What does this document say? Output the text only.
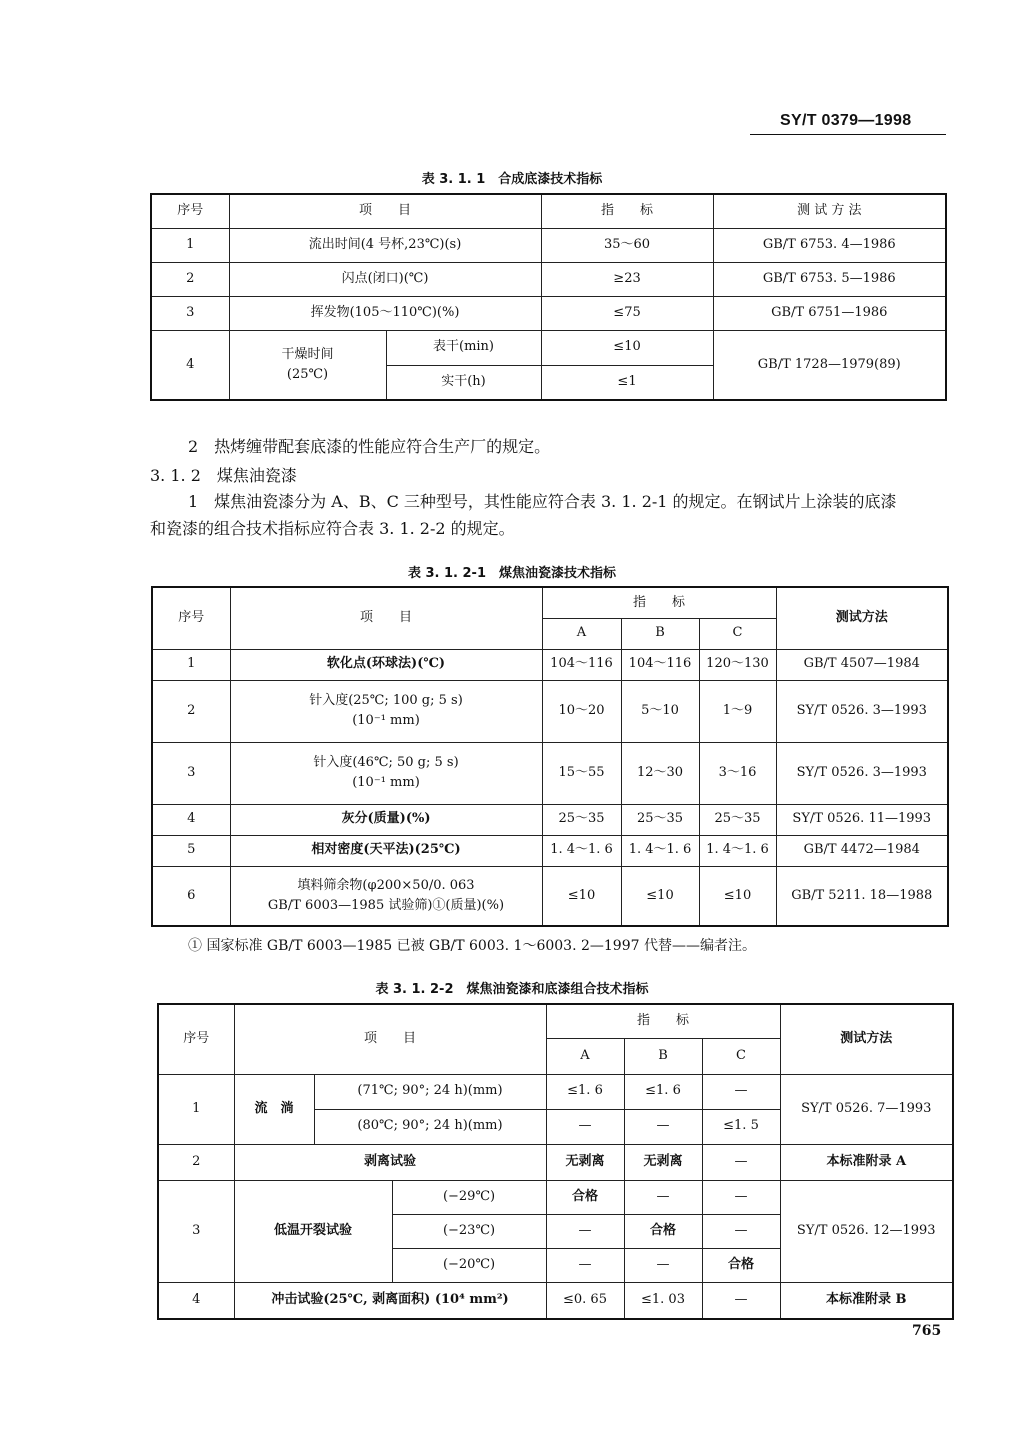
SY/T 0379—1998
表 3. 1. 1　合成底漆技术指标
序号	项　　目		指　　标	测 试 方 法
1	流出时间(4 号杯,23℃)(s)		35～60	GB/T 6753. 4—1986
2	闪点(闭口)(℃)		≥23	GB/T 6753. 5—1986
3	挥发物(105～110℃)(%)		≤75	GB/T 6751—1986
4	干燥时间
(25℃)	表干(min)	≤10	GB/T 1728—1979(89)
		实干(h)	≤1	
2　热烤缠带配套底漆的性能应符合生产厂的规定。
3. 1. 2　煤焦油瓷漆
1　煤焦油瓷漆分为 A、B、C 三种型号，其性能应符合表 3. 1. 2-1 的规定。在钢试片上涂装的底漆
和瓷漆的组合技术指标应符合表 3. 1. 2-2 的规定。
表 3. 1. 2-1　煤焦油瓷漆技术指标
序号	项　　目	指　　标			测试方法
		A	B	C	
1	软化点(环球法)(℃)	104～116	104～116	120～130	GB/T 4507—1984
2	针入度(25℃; 100 g; 5 s)
(10⁻¹ mm)	10～20	5～10	1～9	SY/T 0526. 3—1993
3	针入度(46℃; 50 g; 5 s)
(10⁻¹ mm)	15～55	12～30	3～16	SY/T 0526. 3—1993
4	灰分(质量)(%)	25～35	25～35	25～35	SY/T 0526. 11—1993
5	相对密度(天平法)(25℃)	1. 4～1. 6	1. 4～1. 6	1. 4～1. 6	GB/T 4472—1984
6	填料筛余物(φ200×50/0. 063
GB/T 6003—1985 试验筛)①(质量)(%)	≤10	≤10	≤10	GB/T 5211. 18—1988
① 国家标准 GB/T 6003—1985 已被 GB/T 6003. 1～6003. 2—1997 代替——编者注。
表 3. 1. 2-2　煤焦油瓷漆和底漆组合技术指标
序号	项　　目			指　　标			测试方法
				A	B	C	
1	流　淌	(71℃; 90°; 24 h)(mm)		≤1. 6	≤1. 6	—	SY/T 0526. 7—1993
		(80℃; 90°; 24 h)(mm)		—	—	≤1. 5	
2	剥离试验			无剥离	无剥离	—	本标准附录 A
3	低温开裂试验		(−29℃)	合格	—	—	SY/T 0526. 12—1993
			(−23℃)	—	合格	—	
			(−20℃)	—	—	合格	
4	冲击试验(25℃, 剥离面积) (10⁴ mm²)			≤0. 65	≤1. 03	—	本标准附录 B
765
